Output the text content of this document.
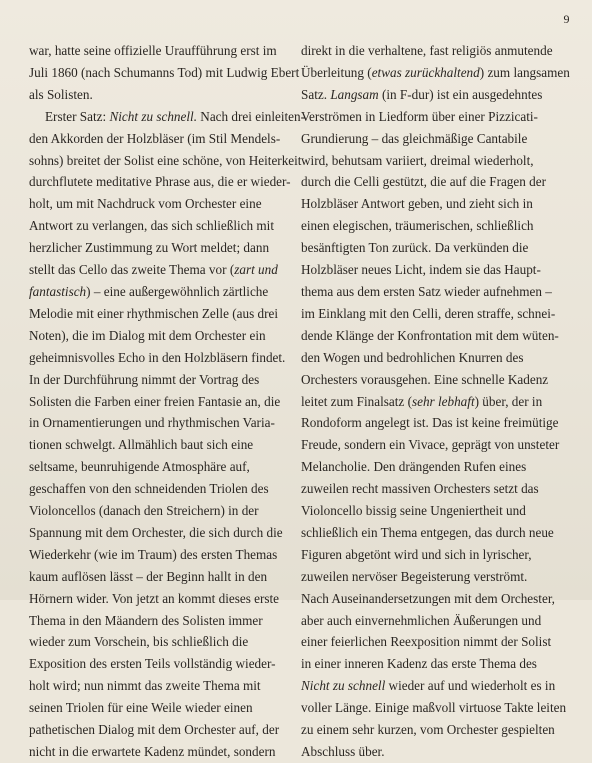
9
war, hatte seine offizielle Uraufführung erst im
Juli 1860 (nach Schumanns Tod) mit Ludwig Ebert
als Solisten.
Erster Satz: Nicht zu schnell. Nach drei einleiten-
den Akkorden der Holzbläser (im Stil Mendels-
sohns) breitet der Solist eine schöne, von Heiterkeit
durchflutete meditative Phrase aus, die er wieder-
holt, um mit Nachdruck vom Orchester eine
Antwort zu verlangen, das sich schließlich mit
herzlicher Zustimmung zu Wort meldet; dann
stellt das Cello das zweite Thema vor (zart und
fantastisch) – eine außergewöhnlich zärtliche
Melodie mit einer rhythmischen Zelle (aus drei
Noten), die im Dialog mit dem Orchester ein
geheimnisvolles Echo in den Holzbläsern findet.
In der Durchführung nimmt der Vortrag des
Solisten die Farben einer freien Fantasie an, die
in Ornamentierungen und rhythmischen Varia-
tionen schwelgt. Allmählich baut sich eine
seltsame, beunruhigende Atmosphäre auf,
geschaffen von den schneidenden Triolen des
Violoncellos (danach den Streichern) in der
Spannung mit dem Orchester, die sich durch die
Wiederkehr (wie im Traum) des ersten Themas
kaum auflösen lässt – der Beginn hallt in den
Hörnern wider. Von jetzt an kommt dieses erste
Thema in den Mäandern des Solisten immer
wieder zum Vorschein, bis schließlich die
Exposition des ersten Teils vollständig wieder-
holt wird; nun nimmt das zweite Thema mit
seinen Triolen für eine Weile wieder einen
pathetischen Dialog mit dem Orchester auf, der
nicht in die erwartete Kadenz mündet, sondern
direkt in die verhaltene, fast religiös anmutende
Überleitung (etwas zurückhaltend) zum langsamen
Satz. Langsam (in F-dur) ist ein ausgedehntes
Verströmen in Liedform über einer Pizzicati-
Grundierung – das gleichmäßige Cantabile
wird, behutsam variiert, dreimal wiederholt,
durch die Celli gestützt, die auf die Fragen der
Holzbläser Antwort geben, und zieht sich in
einen elegischen, träumerischen, schließlich
besänftigten Ton zurück. Da verkünden die
Holzbläser neues Licht, indem sie das Haupt-
thema aus dem ersten Satz wieder aufnehmen –
im Einklang mit den Celli, deren straffe, schnei-
dende Klänge der Konfrontation mit dem wüten-
den Wogen und bedrohlichen Knurren des
Orchesters vorausgehen. Eine schnelle Kadenz
leitet zum Finalsatz (sehr lebhaft) über, der in
Rondoform angelegt ist. Das ist keine freimütige
Freude, sondern ein Vivace, geprägt von unsteter
Melancholie. Den drängenden Rufen eines
zuweilen recht massiven Orchesters setzt das
Violoncello bissig seine Ungeniertheit und
schließlich ein Thema entgegen, das durch neue
Figuren abgetönt wird und sich in lyrischer,
zuweilen nervöser Begeisterung verströmt.
Nach Auseinandersetzungen mit dem Orchester,
aber auch einvernehmlichen Äußerungen und
einer feierlichen Reexposition nimmt der Solist
in einer inneren Kadenz das erste Thema des
Nicht zu schnell wieder auf und wiederholt es in
voller Länge. Einige maßvoll virtuose Takte leiten
zu einem sehr kurzen, vom Orchester gespielten
Abschluss über.
